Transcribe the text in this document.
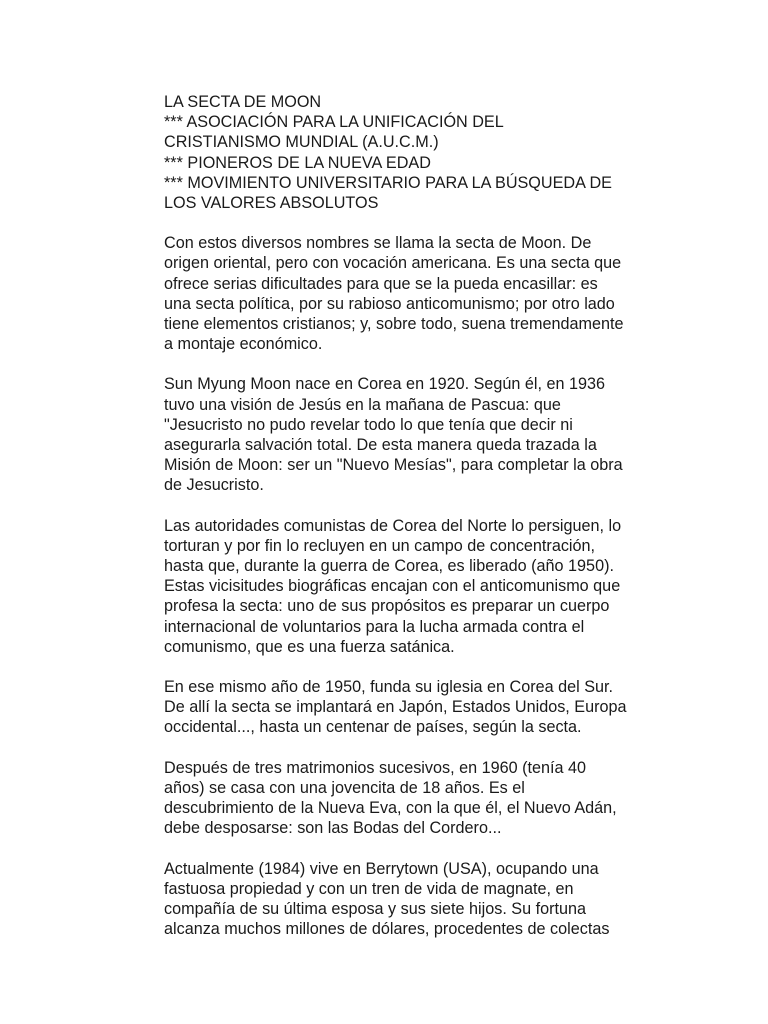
LA SECTA DE MOON
*** ASOCIACIÓN PARA LA UNIFICACIÓN DEL
CRISTIANISMO MUNDIAL (A.U.C.M.)
*** PIONEROS DE LA NUEVA EDAD
*** MOVIMIENTO UNIVERSITARIO PARA LA BÚSQUEDA DE
LOS VALORES ABSOLUTOS
Con estos diversos nombres se llama la secta de Moon. De
origen oriental, pero con vocación americana. Es una secta que
ofrece serias dificultades para que se la pueda encasillar: es
una secta política, por su rabioso anticomunismo; por otro lado
tiene elementos cristianos; y, sobre todo, suena tremendamente
a montaje económico.
Sun Myung Moon nace en Corea en 1920. Según él, en 1936
tuvo una visión de Jesús en la mañana de Pascua: que
"Jesucristo no pudo revelar todo lo que tenía que decir ni
asegurarla salvación total. De esta manera queda trazada la
Misión de Moon: ser un "Nuevo Mesías", para completar la obra
de Jesucristo.
Las autoridades comunistas de Corea del Norte lo persiguen, lo
torturan y por fin lo recluyen en un campo de concentración,
hasta que, durante la guerra de Corea, es liberado (año 1950).
Estas vicisitudes biográficas encajan con el anticomunismo que
profesa la secta: uno de sus propósitos es preparar un cuerpo
internacional de voluntarios para la lucha armada contra el
comunismo, que es una fuerza satánica.
En ese mismo año de 1950, funda su iglesia en Corea del Sur.
De allí la secta se implantará en Japón, Estados Unidos, Europa
occidental..., hasta un centenar de países, según la secta.
Después de tres matrimonios sucesivos, en 1960 (tenía 40
años) se casa con una jovencita de 18 años. Es el
descubrimiento de la Nueva Eva, con la que él, el Nuevo Adán,
debe desposarse: son las Bodas del Cordero...
Actualmente (1984) vive en Berrytown (USA), ocupando una
fastuosa propiedad y con un tren de vida de magnate, en
compañía de su última esposa y sus siete hijos. Su fortuna
alcanza muchos millones de dólares, procedentes de colectas
